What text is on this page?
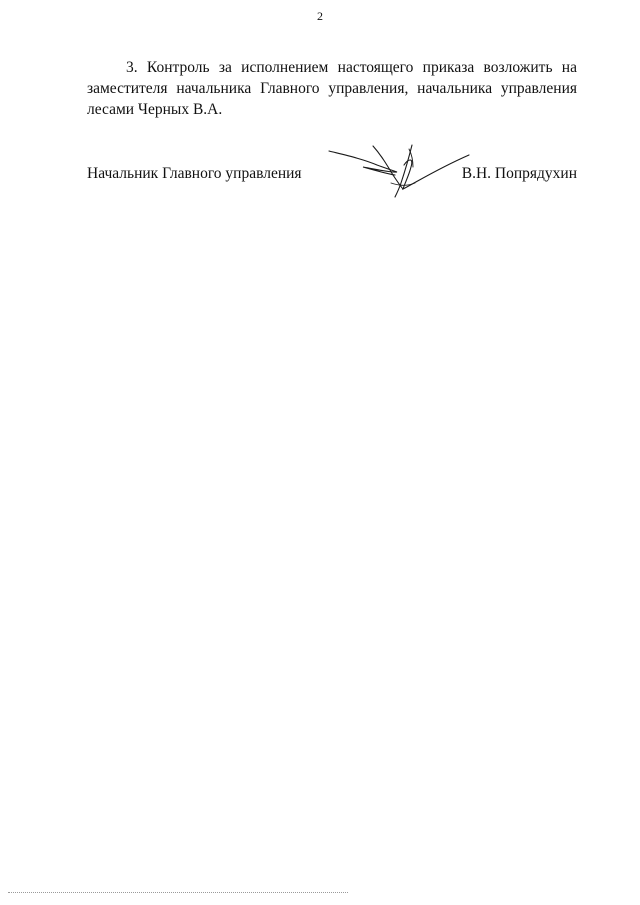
2

3. Контроль за исполнением настоящего приказа возложить на заместителя начальника Главного управления, начальника управления лесами Черных В.А.

Начальник Главного управления	В.Н. Попрядухин
